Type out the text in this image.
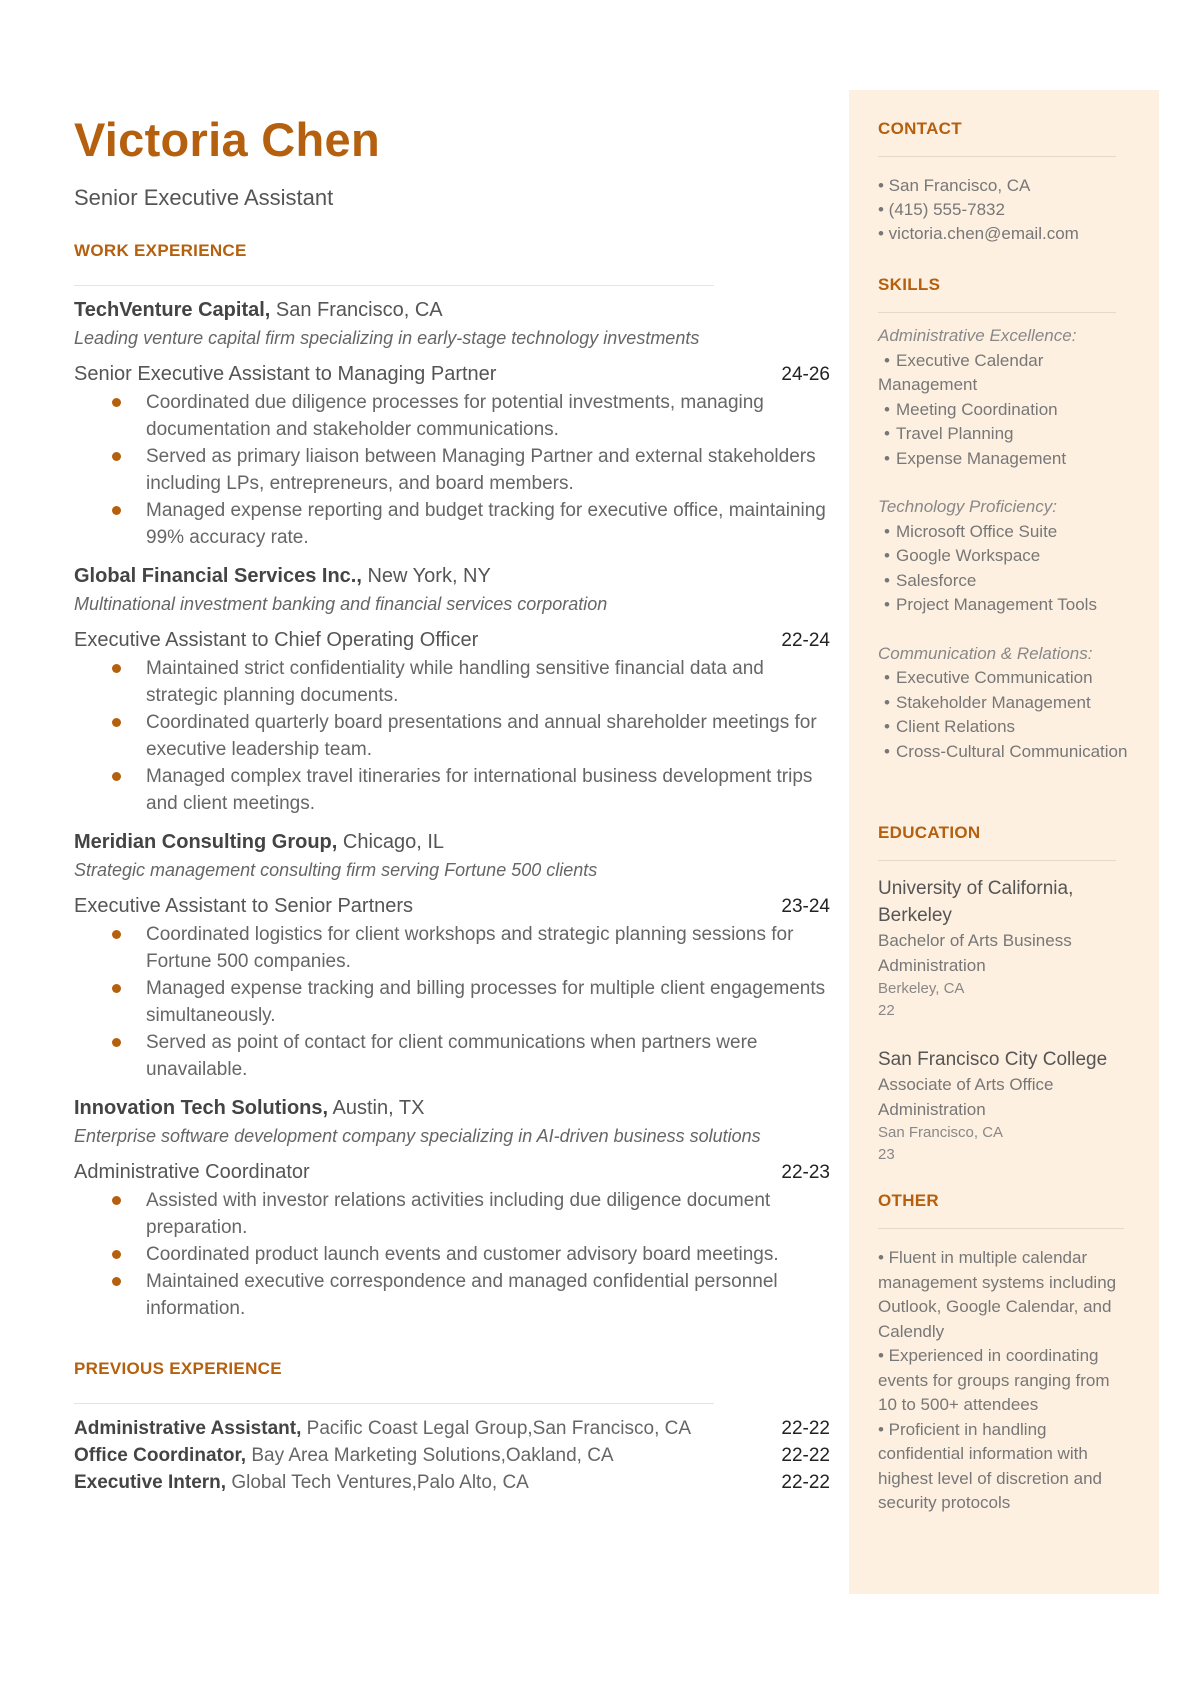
Victoria Chen
Senior Executive Assistant
WORK EXPERIENCE
TechVenture Capital, San Francisco, CA
Leading venture capital firm specializing in early-stage technology investments
Senior Executive Assistant to Managing Partner	24-26
Coordinated due diligence processes for potential investments, managing documentation and stakeholder communications.
Served as primary liaison between Managing Partner and external stakeholders including LPs, entrepreneurs, and board members.
Managed expense reporting and budget tracking for executive office, maintaining 99% accuracy rate.
Global Financial Services Inc., New York, NY
Multinational investment banking and financial services corporation
Executive Assistant to Chief Operating Officer	22-24
Maintained strict confidentiality while handling sensitive financial data and strategic planning documents.
Coordinated quarterly board presentations and annual shareholder meetings for executive leadership team.
Managed complex travel itineraries for international business development trips and client meetings.
Meridian Consulting Group, Chicago, IL
Strategic management consulting firm serving Fortune 500 clients
Executive Assistant to Senior Partners	23-24
Coordinated logistics for client workshops and strategic planning sessions for Fortune 500 companies.
Managed expense tracking and billing processes for multiple client engagements simultaneously.
Served as point of contact for client communications when partners were unavailable.
Innovation Tech Solutions, Austin, TX
Enterprise software development company specializing in AI-driven business solutions
Administrative Coordinator	22-23
Assisted with investor relations activities including due diligence document preparation.
Coordinated product launch events and customer advisory board meetings.
Maintained executive correspondence and managed confidential personnel information.
PREVIOUS EXPERIENCE
Administrative Assistant, Pacific Coast Legal Group,San Francisco, CA	22-22
Office Coordinator, Bay Area Marketing Solutions,Oakland, CA	22-22
Executive Intern, Global Tech Ventures,Palo Alto, CA	22-22
CONTACT
• San Francisco, CA
• (415) 555-7832
• victoria.chen@email.com
SKILLS
Administrative Excellence:
• Executive Calendar Management
• Meeting Coordination
• Travel Planning
• Expense Management
Technology Proficiency:
• Microsoft Office Suite
• Google Workspace
• Salesforce
• Project Management Tools
Communication & Relations:
• Executive Communication
• Stakeholder Management
• Client Relations
• Cross-Cultural Communication
EDUCATION
University of California, Berkeley
Bachelor of Arts Business Administration
Berkeley, CA
22
San Francisco City College
Associate of Arts Office Administration
San Francisco, CA
23
OTHER
• Fluent in multiple calendar management systems including Outlook, Google Calendar, and Calendly
• Experienced in coordinating events for groups ranging from 10 to 500+ attendees
• Proficient in handling confidential information with highest level of discretion and security protocols
